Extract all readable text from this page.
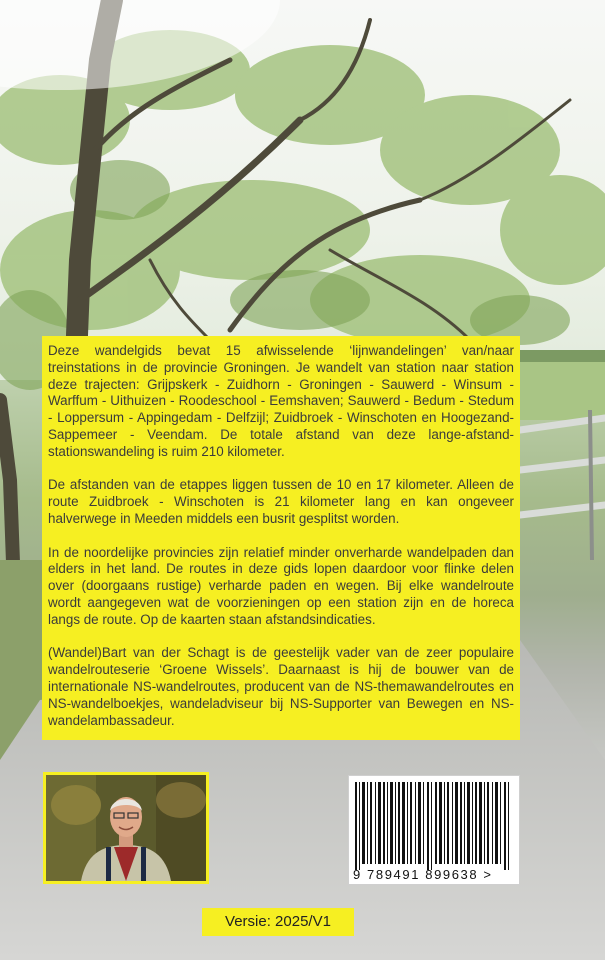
Deze wandelgids bevat 15 afwisselende ‘lijnwandelingen’ van/naar treinstations in de provincie Groningen. Je wandelt van station naar station deze trajecten: Grijpskerk - Zuidhorn - Groningen - Sauwerd - Winsum - Warffum - Uithuizen - Roodeschool - Eemshaven; Sauwerd - Bedum - Stedum - Loppersum - Appingedam - Delfzijl; Zuidbroek - Winschoten en Hoogezand-Sappemeer - Veendam. De totale afstand van deze lange-afstand-stationswandeling is ruim 210 kilometer.

De afstanden van de etappes liggen tussen de 10 en 17 kilometer. Alleen de route Zuidbroek - Winschoten is 21 kilometer lang en kan ongeveer halverwege in Meeden middels een busrit gesplitst worden.

In de noordelijke provincies zijn relatief minder onverharde wandelpaden dan elders in het land. De routes in deze gids lopen daardoor voor flinke delen over (doorgaans rustige) verharde paden en wegen. Bij elke wandelroute wordt aangegeven wat de voorzieningen op een station zijn en de horeca langs de route. Op de kaarten staan afstandsindicaties.

(Wandel)Bart van der Schagt is de geestelijk vader van de zeer populaire wandelrouteserie ‘Groene Wissels’. Daarnaast is hij de bouwer van de internationale NS-wandelroutes, producent van de NS-themawandelroutes en NS-wandelboekjes, wandeladviseur bij NS-Supporter van Bewegen en NS-wandelambassadeur.

9 789491 899638 >
Versie: 2025/V1
